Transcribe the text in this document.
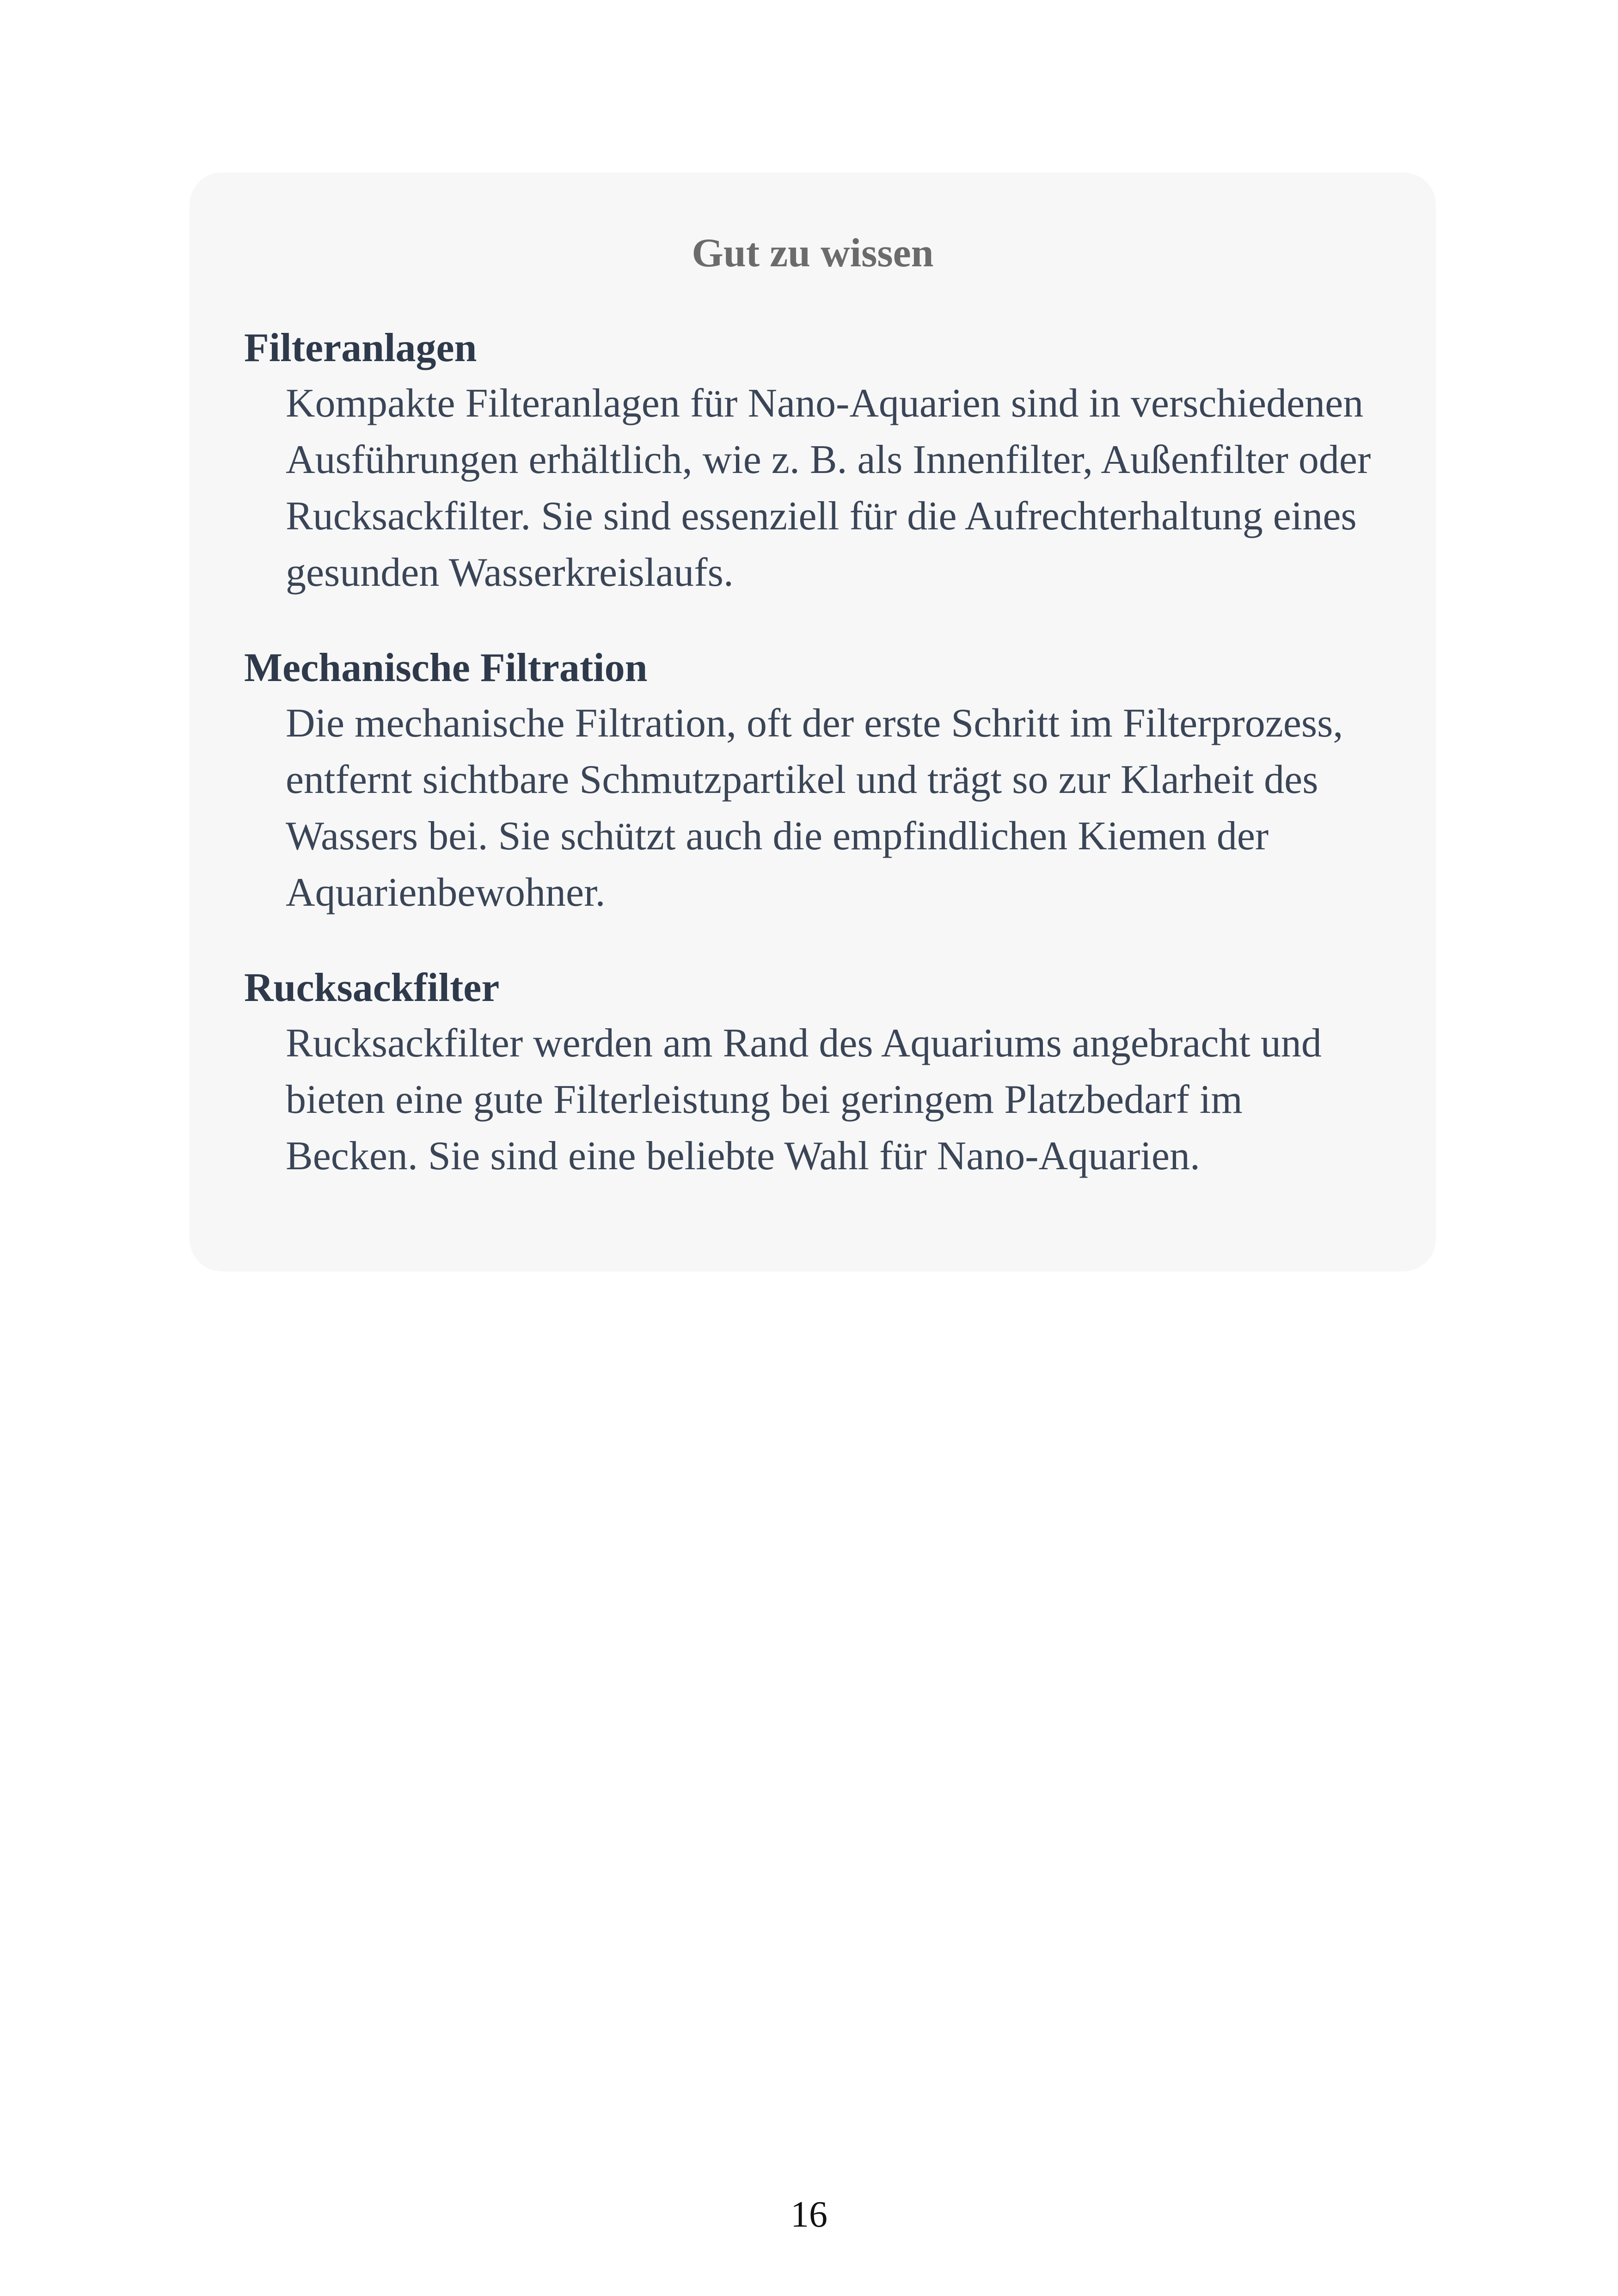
Gut zu wissen
Filteranlagen
Kompakte Filteranlagen für Nano-Aquarien sind in verschiedenen Ausführungen erhältlich, wie z. B. als Innenfilter, Außenfilter oder Rucksackfilter. Sie sind essenziell für die Aufrechterhaltung eines gesunden Wasserkreislaufs.
Mechanische Filtration
Die mechanische Filtration, oft der erste Schritt im Filterprozess, entfernt sichtbare Schmutzpartikel und trägt so zur Klarheit des Wassers bei. Sie schützt auch die empfindlichen Kiemen der Aquarienbewohner.
Rucksackfilter
Rucksackfilter werden am Rand des Aquariums angebracht und bieten eine gute Filterleistung bei geringem Platzbedarf im Becken. Sie sind eine beliebte Wahl für Nano-Aquarien.
16
